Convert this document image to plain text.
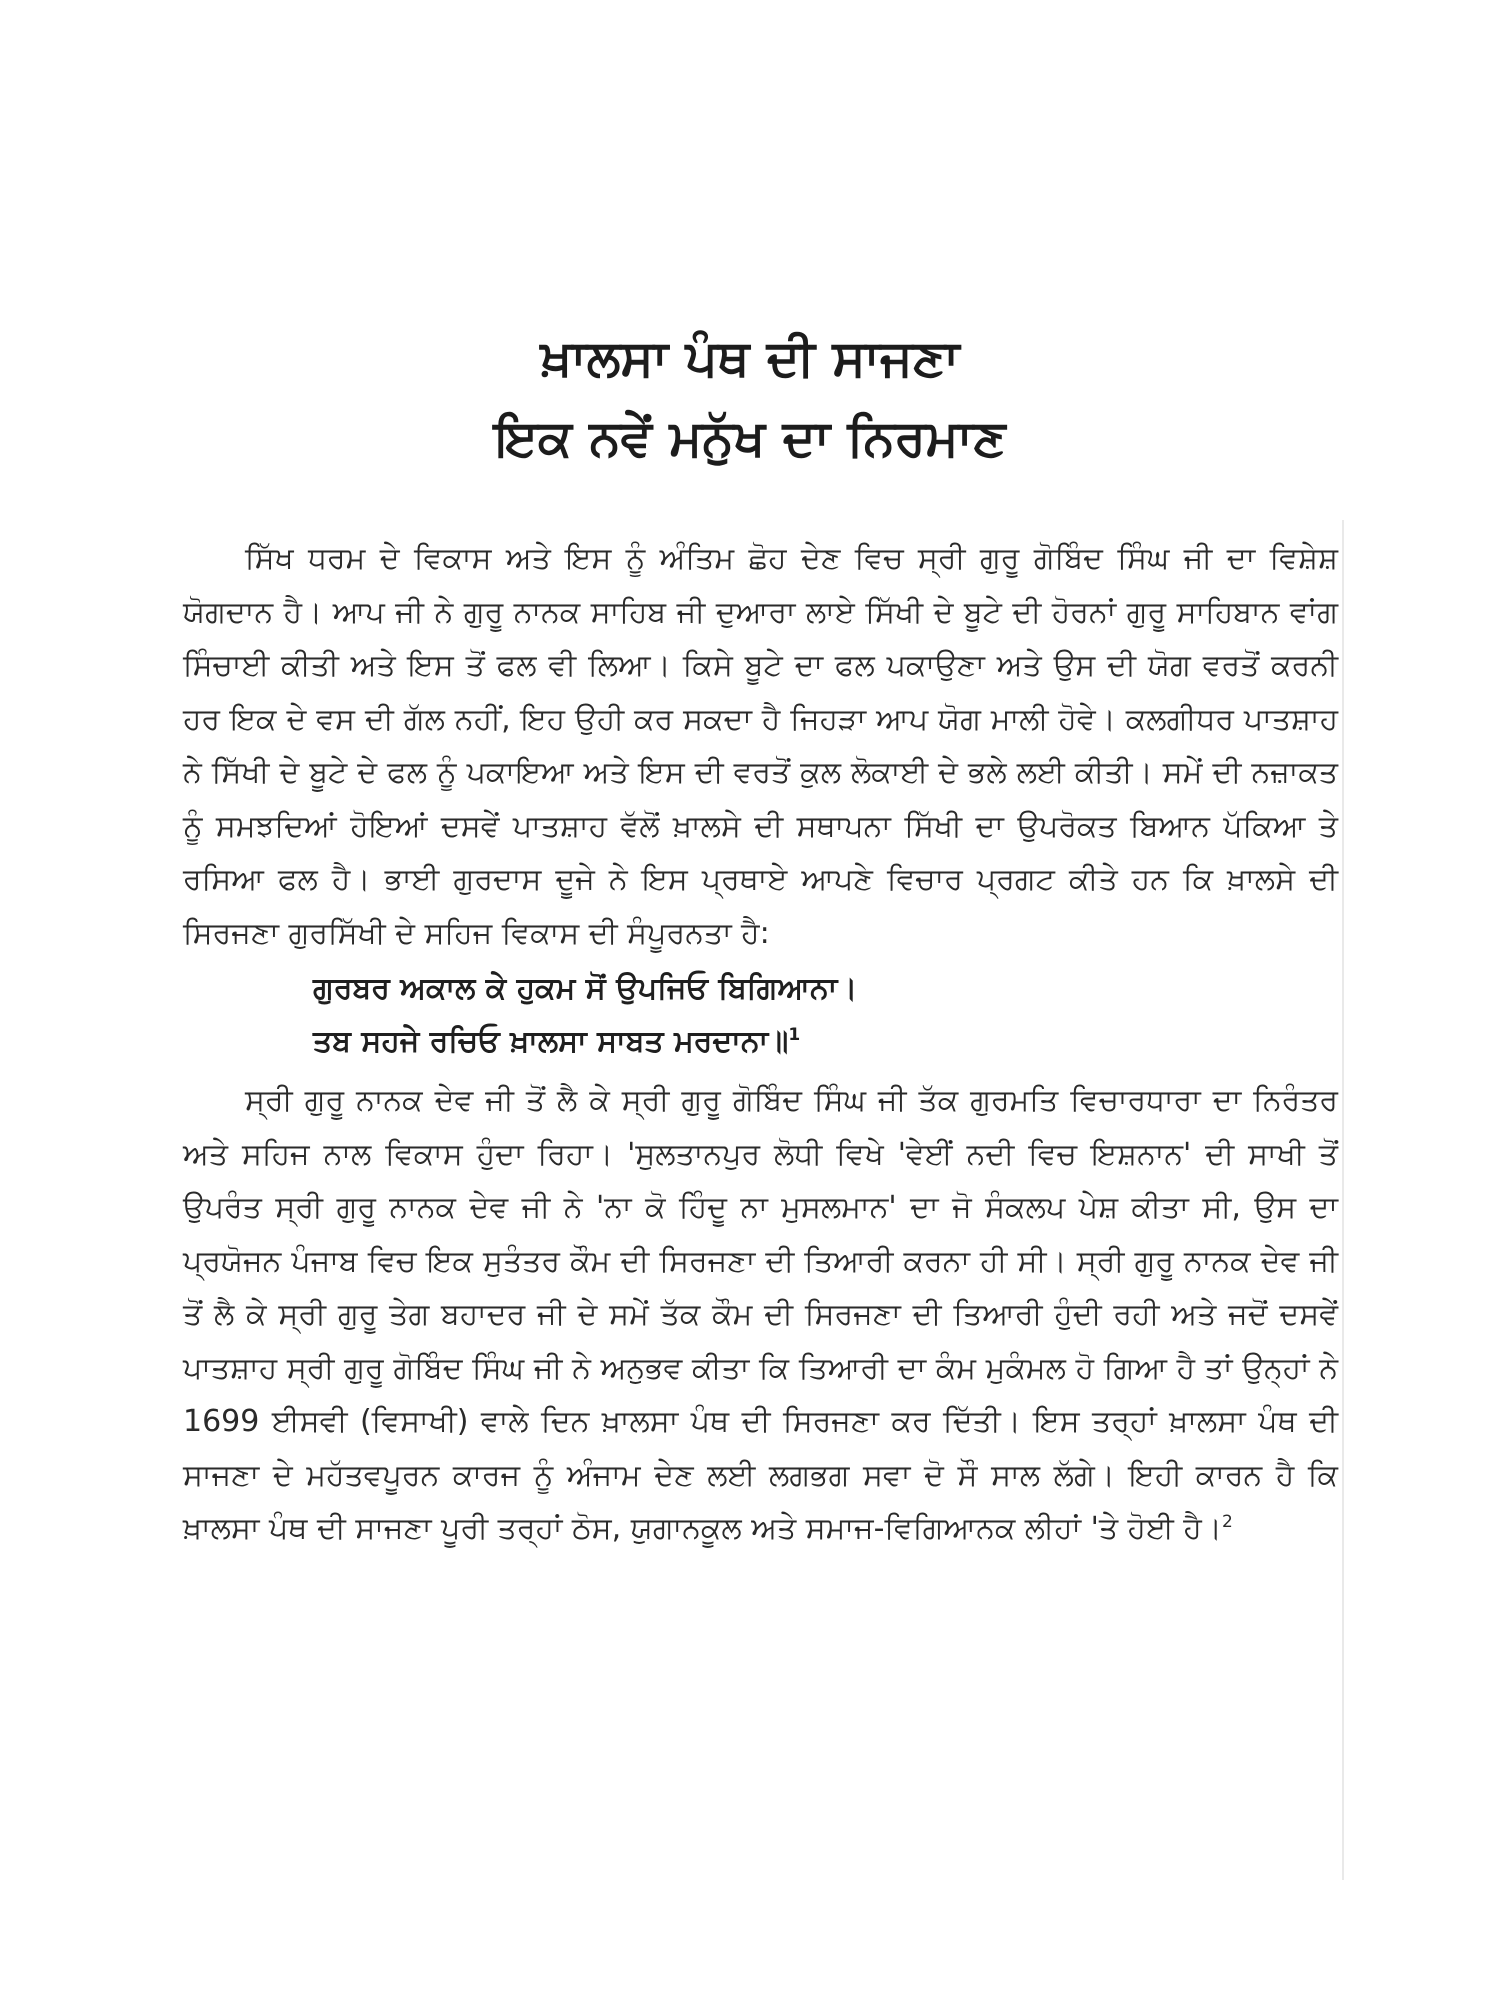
ਖ਼ਾਲਸਾ ਪੰਥ ਦੀ ਸਾਜਣਾ
ਇਕ ਨਵੇਂ ਮਨੁੱਖ ਦਾ ਨਿਰਮਾਣ

ਸਿੱਖ ਧਰਮ ਦੇ ਵਿਕਾਸ ਅਤੇ ਇਸ ਨੂੰ ਅੰਤਿਮ ਛੋਹ ਦੇਣ ਵਿਚ ਸ੍ਰੀ ਗੁਰੂ ਗੋਬਿੰਦ ਸਿੰਘ ਜੀ ਦਾ ਵਿਸ਼ੇਸ਼ ਯੋਗਦਾਨ ਹੈ। ਆਪ ਜੀ ਨੇ ਗੁਰੂ ਨਾਨਕ ਸਾਹਿਬ ਜੀ ਦੁਆਰਾ ਲਾਏ ਸਿੱਖੀ ਦੇ ਬੂਟੇ ਦੀ ਹੋਰਨਾਂ ਗੁਰੂ ਸਾਹਿਬਾਨ ਵਾਂਗ ਸਿੰਚਾਈ ਕੀਤੀ ਅਤੇ ਇਸ ਤੋਂ ਫਲ ਵੀ ਲਿਆ। ਕਿਸੇ ਬੂਟੇ ਦਾ ਫਲ ਪਕਾਉਣਾ ਅਤੇ ਉਸ ਦੀ ਯੋਗ ਵਰਤੋਂ ਕਰਨੀ ਹਰ ਇਕ ਦੇ ਵਸ ਦੀ ਗੱਲ ਨਹੀਂ, ਇਹ ਉਹੀ ਕਰ ਸਕਦਾ ਹੈ ਜਿਹੜਾ ਆਪ ਯੋਗ ਮਾਲੀ ਹੋਵੇ। ਕਲਗੀਧਰ ਪਾਤਸ਼ਾਹ ਨੇ ਸਿੱਖੀ ਦੇ ਬੂਟੇ ਦੇ ਫਲ ਨੂੰ ਪਕਾਇਆ ਅਤੇ ਇਸ ਦੀ ਵਰਤੋਂ ਕੁਲ ਲੋਕਾਈ ਦੇ ਭਲੇ ਲਈ ਕੀਤੀ। ਸਮੇਂ ਦੀ ਨਜ਼ਾਕਤ ਨੂੰ ਸਮਝਦਿਆਂ ਹੋਇਆਂ ਦਸਵੇਂ ਪਾਤਸ਼ਾਹ ਵੱਲੋਂ ਖ਼ਾਲਸੇ ਦੀ ਸਥਾਪਨਾ ਸਿੱਖੀ ਦਾ ਉਪਰੋਕਤ ਬਿਆਨ ਪੱਕਿਆ ਤੇ ਰਸਿਆ ਫਲ ਹੈ। ਭਾਈ ਗੁਰਦਾਸ ਦੂਜੇ ਨੇ ਇਸ ਪ੍ਰਥਾਏ ਆਪਣੇ ਵਿਚਾਰ ਪ੍ਰਗਟ ਕੀਤੇ ਹਨ ਕਿ ਖ਼ਾਲਸੇ ਦੀ ਸਿਰਜਣਾ ਗੁਰਸਿੱਖੀ ਦੇ ਸਹਿਜ ਵਿਕਾਸ ਦੀ ਸੰਪੂਰਨਤਾ ਹੈ:

ਗੁਰਬਰ ਅਕਾਲ ਕੇ ਹੁਕਮ ਸੋਂ ਉਪਜਿਓ ਬਿਗਿਆਨਾ।
ਤਬ ਸਹਜੇ ਰਚਿਓ ਖ਼ਾਲਸਾ ਸਾਬਤ ਮਰਦਾਨਾ॥$^1$

ਸ੍ਰੀ ਗੁਰੂ ਨਾਨਕ ਦੇਵ ਜੀ ਤੋਂ ਲੈ ਕੇ ਸ੍ਰੀ ਗੁਰੂ ਗੋਬਿੰਦ ਸਿੰਘ ਜੀ ਤੱਕ ਗੁਰਮਤਿ ਵਿਚਾਰਧਾਰਾ ਦਾ ਨਿਰੰਤਰ ਅਤੇ ਸਹਿਜ ਨਾਲ ਵਿਕਾਸ ਹੁੰਦਾ ਰਿਹਾ। 'ਸੁਲਤਾਨਪੁਰ ਲੋਧੀ ਵਿਖੇ 'ਵੇਈਂ ਨਦੀ ਵਿਚ ਇਸ਼ਨਾਨ' ਦੀ ਸਾਖੀ ਤੋਂ ਉਪਰੰਤ ਸ੍ਰੀ ਗੁਰੂ ਨਾਨਕ ਦੇਵ ਜੀ ਨੇ 'ਨਾ ਕੋ ਹਿੰਦੂ ਨਾ ਮੁਸਲਮਾਨ' ਦਾ ਜੋ ਸੰਕਲਪ ਪੇਸ਼ ਕੀਤਾ ਸੀ, ਉਸ ਦਾ ਪ੍ਰਯੋਜਨ ਪੰਜਾਬ ਵਿਚ ਇਕ ਸੁਤੰਤਰ ਕੌਮ ਦੀ ਸਿਰਜਣਾ ਦੀ ਤਿਆਰੀ ਕਰਨਾ ਹੀ ਸੀ। ਸ੍ਰੀ ਗੁਰੂ ਨਾਨਕ ਦੇਵ ਜੀ ਤੋਂ ਲੈ ਕੇ ਸ੍ਰੀ ਗੁਰੂ ਤੇਗ ਬਹਾਦਰ ਜੀ ਦੇ ਸਮੇਂ ਤੱਕ ਕੌਮ ਦੀ ਸਿਰਜਣਾ ਦੀ ਤਿਆਰੀ ਹੁੰਦੀ ਰਹੀ ਅਤੇ ਜਦੋਂ ਦਸਵੇਂ ਪਾਤਸ਼ਾਹ ਸ੍ਰੀ ਗੁਰੂ ਗੋਬਿੰਦ ਸਿੰਘ ਜੀ ਨੇ ਅਨੁਭਵ ਕੀਤਾ ਕਿ ਤਿਆਰੀ ਦਾ ਕੰਮ ਮੁਕੰਮਲ ਹੋ ਗਿਆ ਹੈ ਤਾਂ ਉਨ੍ਹਾਂ ਨੇ 1699 ਈਸਵੀ (ਵਿਸਾਖੀ) ਵਾਲੇ ਦਿਨ ਖ਼ਾਲਸਾ ਪੰਥ ਦੀ ਸਿਰਜਣਾ ਕਰ ਦਿੱਤੀ। ਇਸ ਤਰ੍ਹਾਂ ਖ਼ਾਲਸਾ ਪੰਥ ਦੀ ਸਾਜਣਾ ਦੇ ਮਹੱਤਵਪੂਰਨ ਕਾਰਜ ਨੂੰ ਅੰਜਾਮ ਦੇਣ ਲਈ ਲਗਭਗ ਸਵਾ ਦੋ ਸੌ ਸਾਲ ਲੱਗੇ। ਇਹੀ ਕਾਰਨ ਹੈ ਕਿ ਖ਼ਾਲਸਾ ਪੰਥ ਦੀ ਸਾਜਣਾ ਪੂਰੀ ਤਰ੍ਹਾਂ ਠੋਸ, ਯੁਗਾਨਕੂਲ ਅਤੇ ਸਮਾਜ-ਵਿਗਿਆਨਕ ਲੀਹਾਂ 'ਤੇ ਹੋਈ ਹੈ।$^2$
